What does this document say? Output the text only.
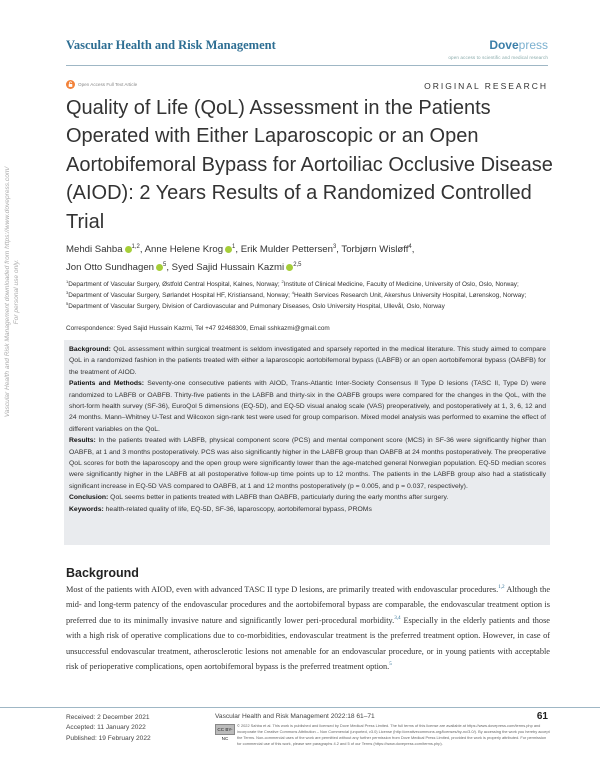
Vascular Health and Risk Management	Dovepress
open access to scientific and medical research
Open Access Full Text Article	ORIGINAL RESEARCH
Quality of Life (QoL) Assessment in the Patients Operated with Either Laparoscopic or an Open Aortobifemoral Bypass for Aortoiliac Occlusive Disease (AIOD): 2 Years Results of a Randomized Controlled Trial
Mehdi Sahba $^{1,2}$, Anne Helene Krog $^1$, Erik Mulder Pettersen$^3$, Torbjørn Wisløff$^4$,
Jon Otto Sundhagen $^5$, Syed Sajid Hussain Kazmi $^{2,5}$
$^1$Department of Vascular Surgery, Østfold Central Hospital, Kalnes, Norway; $^2$Institute of Clinical Medicine, Faculty of Medicine, University of Oslo, Oslo, Norway; $^3$Department of Vascular Surgery, Sørlandet Hospital HF, Kristiansand, Norway; $^4$Health Services Research Unit, Akershus University Hospital, Lørenskog, Norway; $^5$Department of Vascular Surgery, Division of Cardiovascular and Pulmonary Diseases, Oslo University Hospital, Ullevål, Oslo, Norway
Correspondence: Syed Sajid Hussain Kazmi, Tel +47 92468309, Email sshkazmi@gmail.com

Background: QoL assessment within surgical treatment is seldom investigated and sparsely reported in the medical literature. This study aimed to compare QoL in a randomized fashion in the patients treated with either a laparoscopic aortobifemoral bypass (LABFB) or an open aortobifemoral bypass (OABFB) for the treatment of AIOD.

Patients and Methods: Seventy-one consecutive patients with AIOD, Trans-Atlantic Inter-Society Consensus II Type D lesions (TASC II, Type D) were randomized to LABFB or OABFB. Thirty-five patients in the LABFB and thirty-six in the OABFB groups were compared for the changes in the QoL, with the short-form health survey (SF-36), EuroQol 5 dimensions (EQ-5D), and EQ-5D visual analog scale (VAS) preoperatively, and postoperatively at 1, 3, 6, 12 and 24 months. Mann–Whitney U-Test and Wilcoxon sign-rank test were used for group comparison. Mixed model analysis was performed to examine the effect of different variables on the QoL.

Results: In the patients treated with LABFB, physical component score (PCS) and mental component score (MCS) in SF-36 were significantly higher than OABFB, at 1 and 3 months postoperatively. PCS was also significantly higher in the LABFB group than OABFB at 24 months postoperatively. The preoperative QoL scores for both the laparoscopy and the open group were significantly lower than the age-matched general Norwegian population. EQ-5D median scores were significantly higher in the LABFB at all postoperative follow-up time points up to 12 months. The patients in the LABFB group also had a statistically significant increase in EQ-5D VAS compared to OABFB, at 1 and 12 months postoperatively (p = 0.005, and p = 0.037, respectively).

Conclusion: QoL seems better in patients treated with LABFB than OABFB, particularly during the early months after surgery.

Keywords: health-related quality of life, EQ-5D, SF-36, laparoscopy, aortobifemoral bypass, PROMs

Background

Most of the patients with AIOD, even with advanced TASC II type D lesions, are primarily treated with endovascular procedures.$^{1,2}$ Although the mid- and long-term patency of the endovascular procedures and the aortobifemoral bypass are comparable, the endovascular treatment option is preferred due to its minimally invasive nature and significantly lower peri-procedural morbidity.$^{3,4}$ Especially in the elderly patients and those with a high risk of operative complications due to co-morbidities, endovascular treatment is the preferred treatment option. However, in case of unsuccessful endovascular treatment, atherosclerotic lesions not amenable for an endovascular procedure, or in young patients with acceptable risk of perioperative complications, open aortobifemoral bypass is the preferred treatment option.$^5$

Received: 2 December 2021
Accepted: 11 January 2022
Published: 19 February 2022
Vascular Health and Risk Management 2022:18 61–71	61
CC BY-NC
© 2022 Sahba et al. This work is published and licensed by Dove Medical Press Limited. The full terms of this license are available at https://www.dovepress.com/terms.php and incorporate the Creative Commons Attribution – Non Commercial (unported, v3.0) License (http://creativecommons.org/licenses/by-nc/3.0/). By accessing the work you hereby accept the Terms. Non-commercial uses of the work are permitted without any further permission from Dove Medical Press Limited, provided the work is properly attributed. For permission for commercial use of this work, please see paragraphs 4.2 and 5 of our Terms (https://www.dovepress.com/terms.php).
Vascular Health and Risk Management downloaded from https://www.dovepress.com/ For personal use only.
